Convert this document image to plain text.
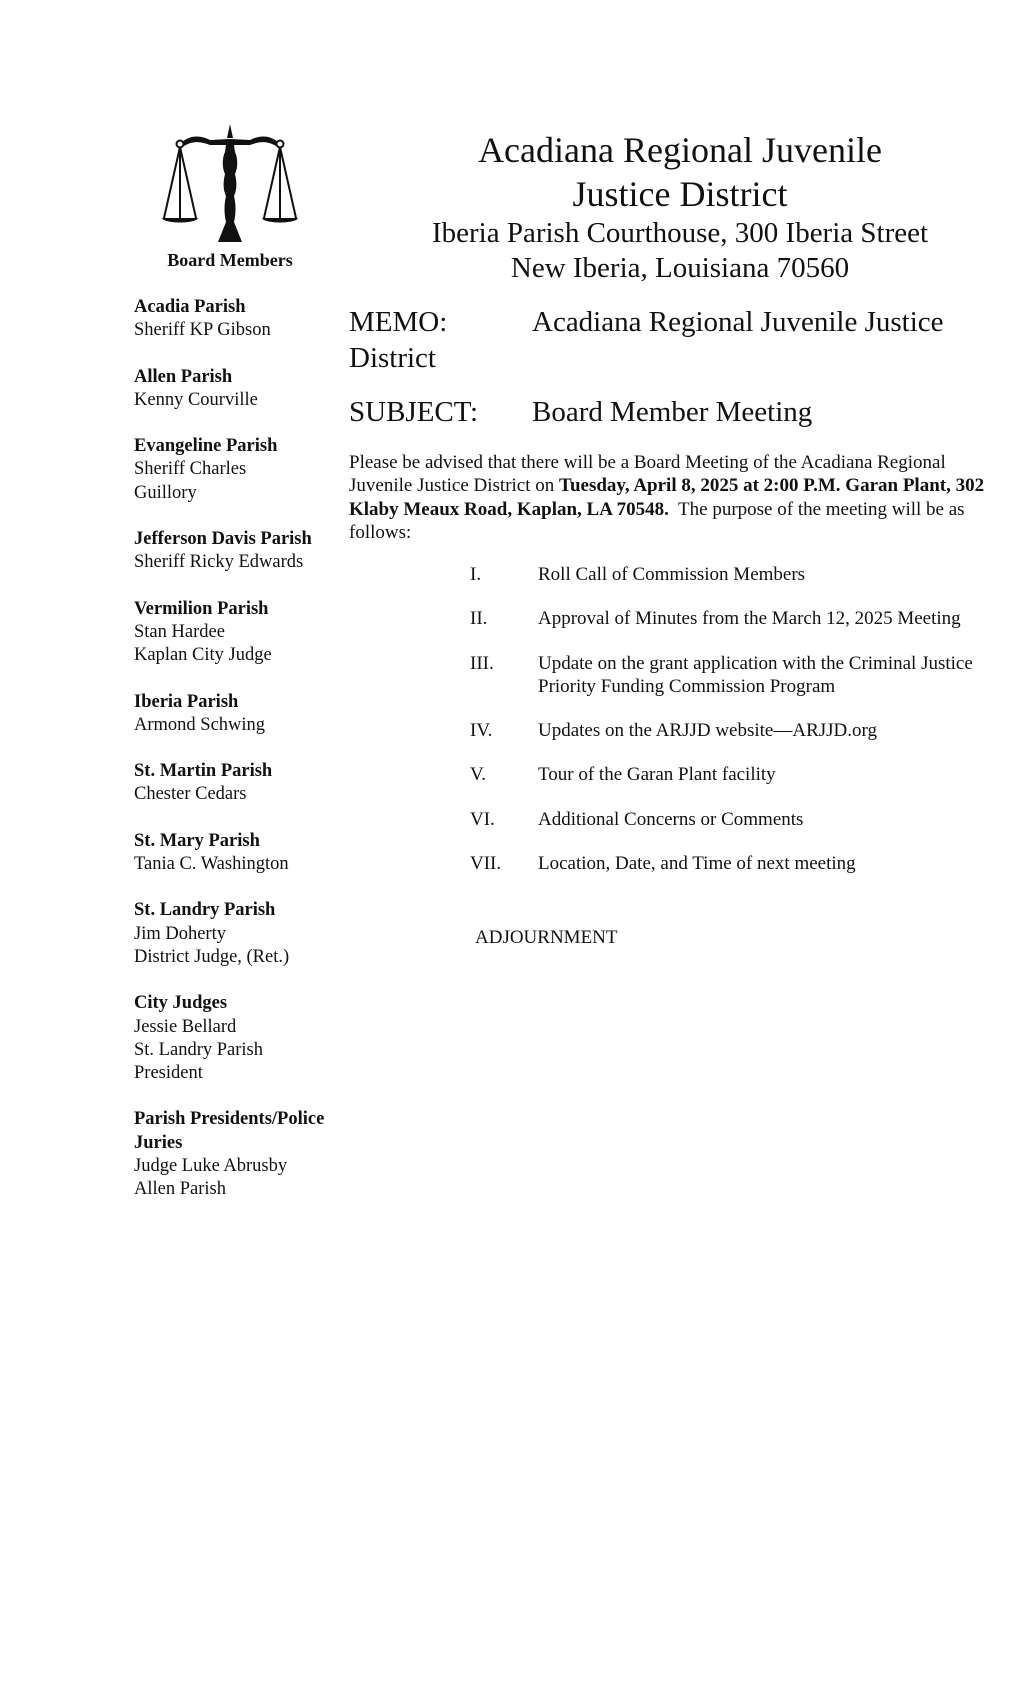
Board Members
Acadia Parish
Sheriff KP Gibson
Allen Parish
Kenny Courville
Evangeline Parish
Sheriff Charles
Guillory
Jefferson Davis Parish
Sheriff Ricky Edwards
Vermilion Parish
Stan Hardee
Kaplan City Judge
Iberia Parish
Armond Schwing
St. Martin Parish
Chester Cedars
St. Mary Parish
Tania C. Washington
St. Landry Parish
Jim Doherty
District Judge, (Ret.)
City Judges
Jessie Bellard
St. Landry Parish
President
Parish Presidents/Police Juries
Judge Luke Abrusby
Allen Parish
Acadiana Regional Juvenile
Justice District
Iberia Parish Courthouse, 300 Iberia Street
New Iberia, Louisiana 70560
MEMO:	Acadiana Regional Juvenile Justice
District
SUBJECT: Board Member Meeting
Please be advised that there will be a Board Meeting of the Acadiana Regional Juvenile Justice District on Tuesday, April 8, 2025 at 2:00 P.M. Garan Plant, 302 Klaby Meaux Road, Kaplan, LA 70548.  The purpose of the meeting will be as follows:
I.	Roll Call of Commission Members
II.	Approval of Minutes from the March 12, 2025 Meeting
III.	Update on the grant application with the Criminal Justice Priority Funding Commission Program
IV.	Updates on the ARJJD website—ARJJD.org
V.	Tour of the Garan Plant facility
VI.	Additional Concerns or Comments
VII.	Location, Date, and Time of next meeting
ADJOURNMENT
